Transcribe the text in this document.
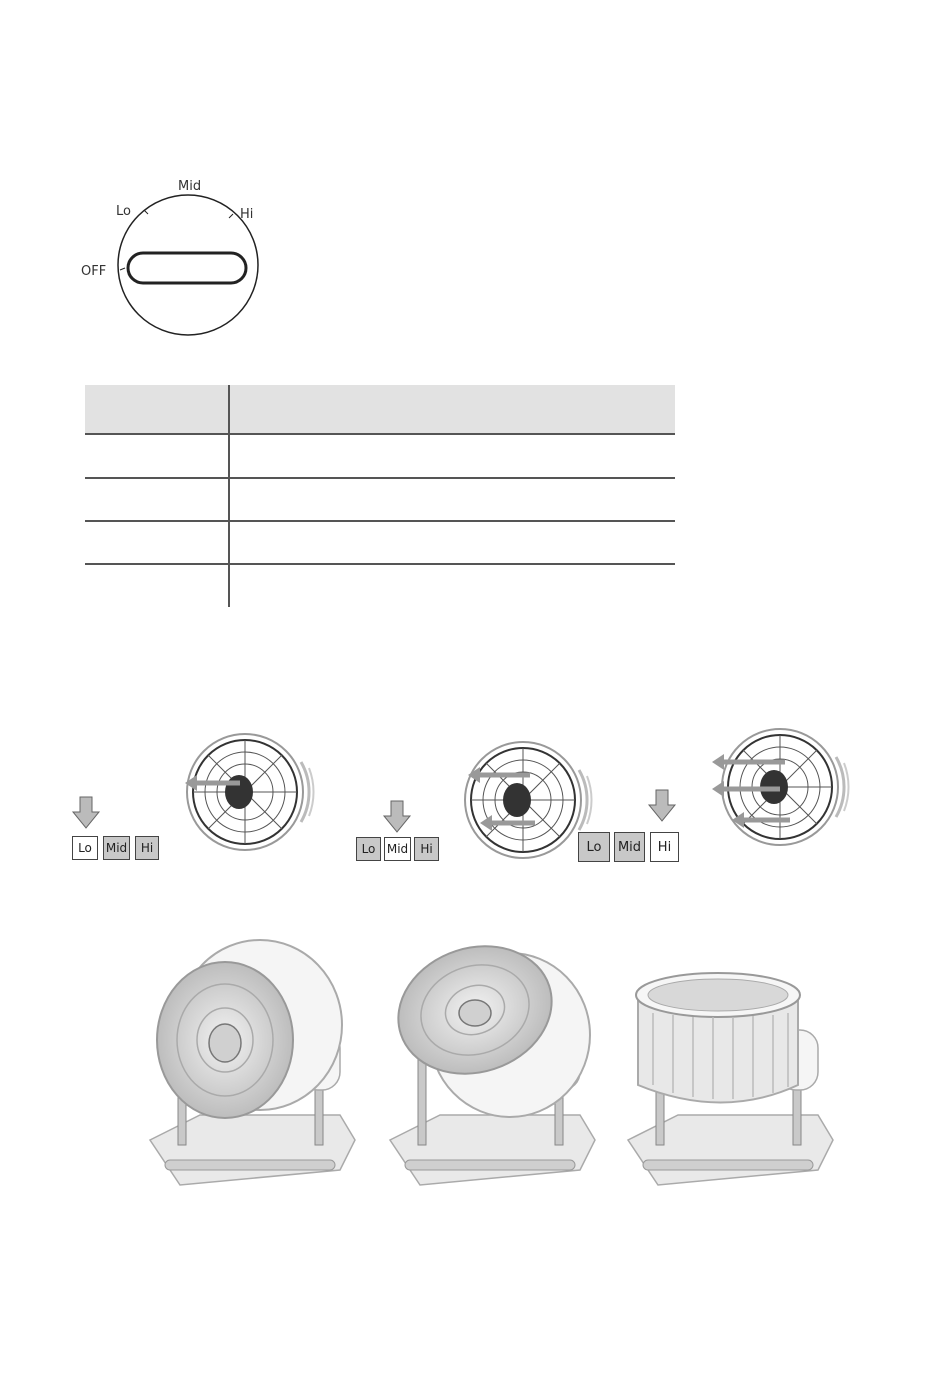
OFF
Lo
Mid
Hi
Lo	Mid	Hi	Lo Mid	Hi	Lo	Mid	Hi
